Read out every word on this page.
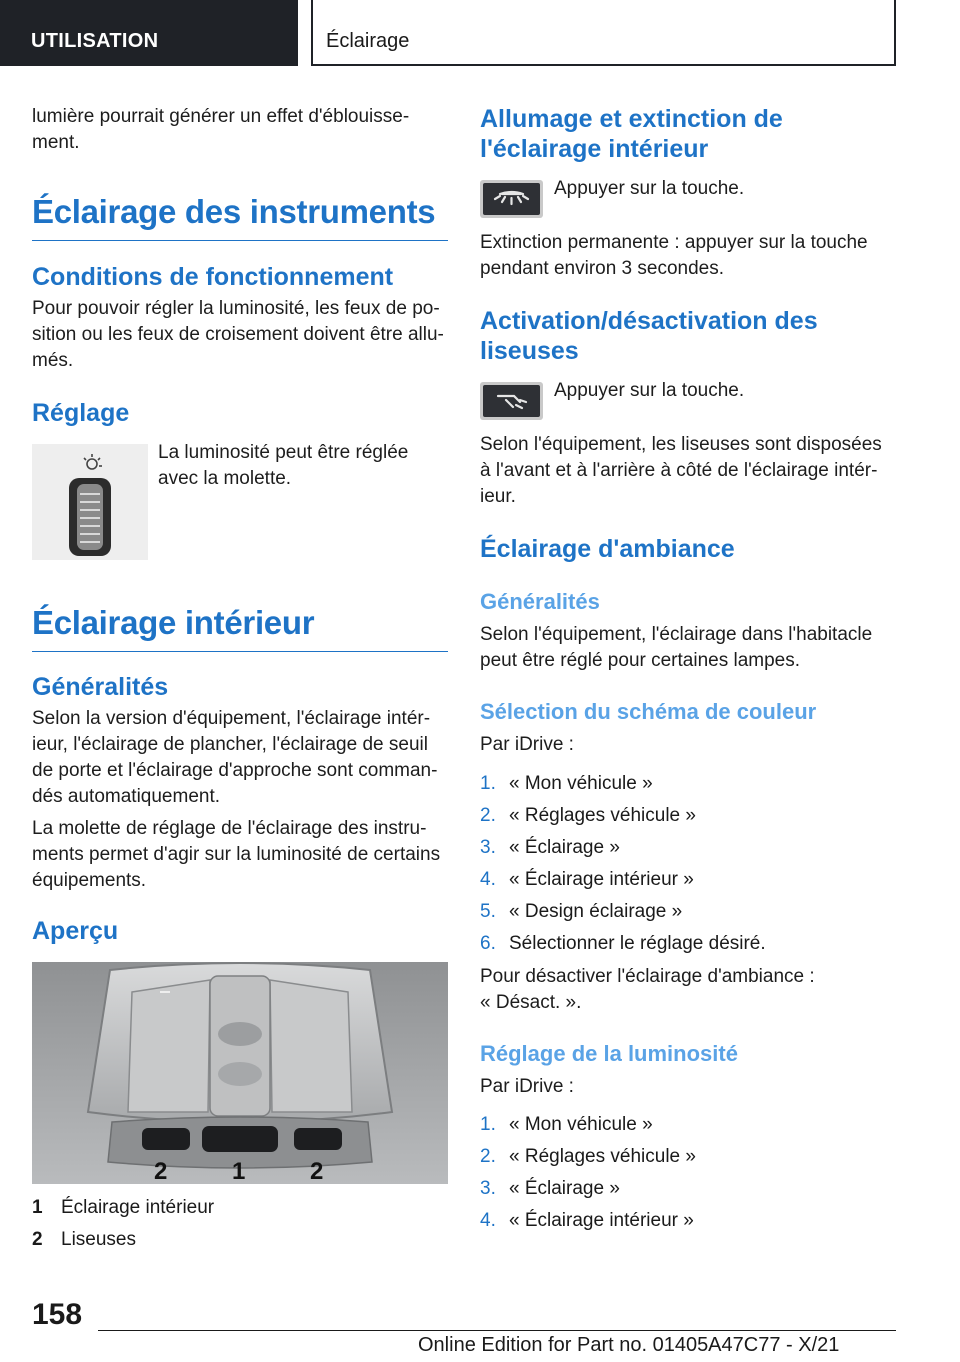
UTILISATION	Éclairage

lumière pourrait générer un effet d'éblouisse-
ment.

Éclairage des instruments
Conditions de fonctionnement

Pour pouvoir régler la luminosité, les feux de po-
sition ou les feux de croisement doivent être allu-
més.

Réglage

La luminosité peut être réglée
avec la molette.

Éclairage intérieur
Généralités

Selon la version d'équipement, l'éclairage intér-
ieur, l'éclairage de plancher, l'éclairage de seuil
de porte et l'éclairage d'approche sont comman-
dés automatiquement.

La molette de réglage de l'éclairage des instru-
ments permet d'agir sur la luminosité de certains
équipements.

Aperçu
2	1	2
1 Éclairage intérieur
2 Liseuses
Allumage et extinction de
l'éclairage intérieur

Appuyer sur la touche.

Extinction permanente : appuyer sur la touche
pendant environ 3 secondes.

Activation/désactivation des
liseuses

Appuyer sur la touche.

Selon l'équipement, les liseuses sont disposées
à l'avant et à l'arrière à côté de l'éclairage intér-
ieur.

Éclairage d'ambiance
Généralités

Selon l'équipement, l'éclairage dans l'habitacle
peut être réglé pour certaines lampes.

Sélection du schéma de couleur

Par iDrive :

1. « Mon véhicule »
2. « Réglages véhicule »
3. « Éclairage »
4. « Éclairage intérieur »
5. « Design éclairage »
6. Sélectionner le réglage désiré.

Pour désactiver l'éclairage d'ambiance :
« Désact. ».

Réglage de la luminosité

Par iDrive :

1. « Mon véhicule »
2. « Réglages véhicule »
3. « Éclairage »
4. « Éclairage intérieur »
158
Online Edition for Part no. 01405A47C77 - X/21
